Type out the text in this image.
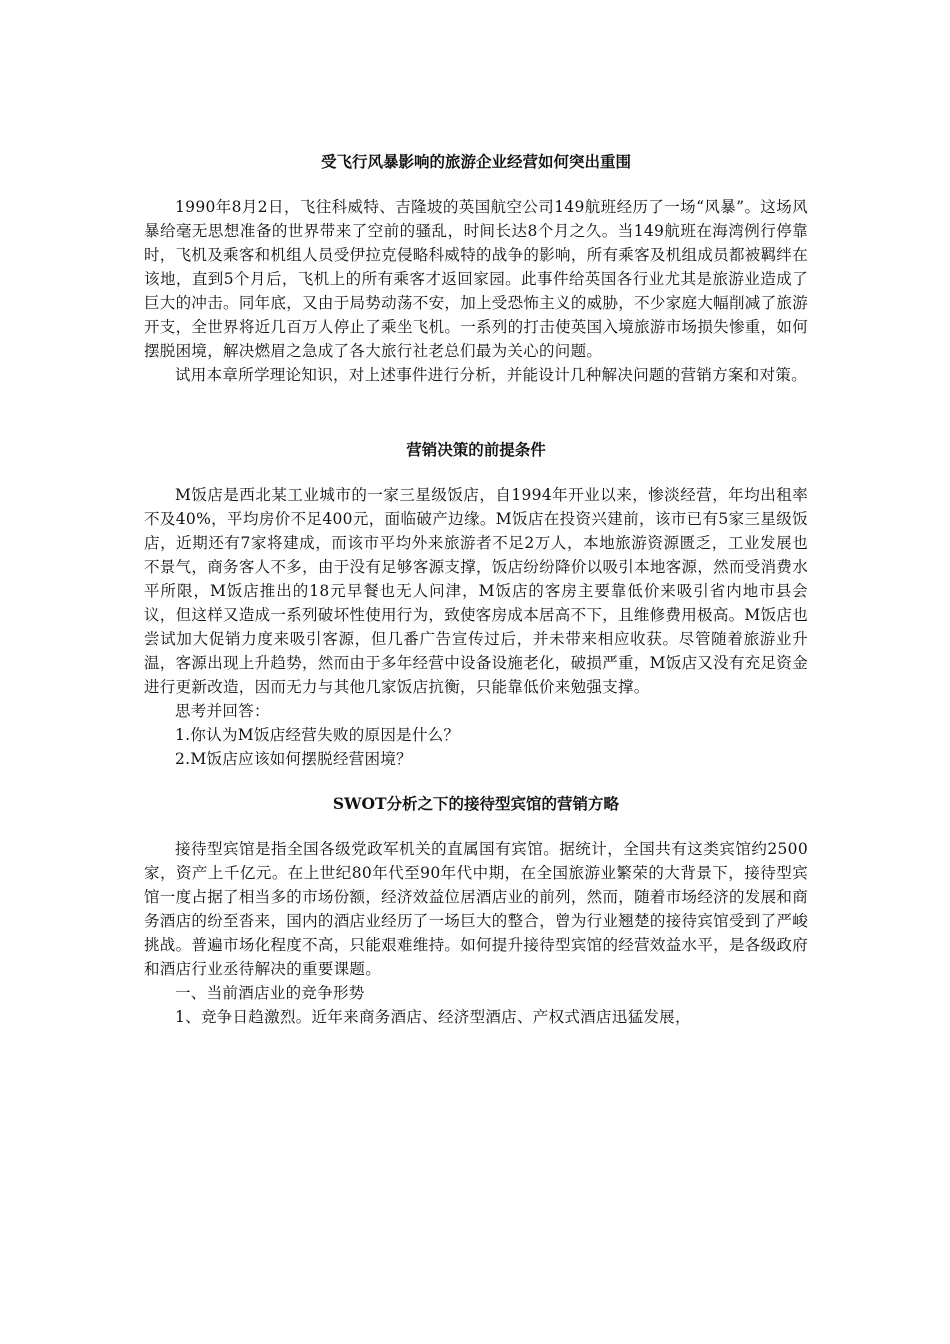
受飞行风暴影响的旅游企业经营如何突出重围

1990年8月2日，飞往科威特、吉隆坡的英国航空公司149航班经历了一场“风暴”。这场风暴给毫无思想准备的世界带来了空前的骚乱，时间长达8个月之久。当149航班在海湾例行停靠时，飞机及乘客和机组人员受伊拉克侵略科威特的战争的影响，所有乘客及机组成员都被羁绊在该地，直到5个月后，飞机上的所有乘客才返回家园。此事件给英国各行业尤其是旅游业造成了巨大的冲击。同年底，又由于局势动荡不安，加上受恐怖主义的威胁，不少家庭大幅削减了旅游开支，全世界将近几百万人停止了乘坐飞机。一系列的打击使英国入境旅游市场损失惨重，如何摆脱困境，解决燃眉之急成了各大旅行社老总们最为关心的问题。

试用本章所学理论知识，对上述事件进行分析，并能设计几种解决问题的营销方案和对策。

营销决策的前提条件

M饭店是西北某工业城市的一家三星级饭店，自1994年开业以来，惨淡经营，年均出租率不及40%，平均房价不足400元，面临破产边缘。M饭店在投资兴建前，该市已有5家三星级饭店，近期还有7家将建成，而该市平均外来旅游者不足2万人，本地旅游资源匮乏，工业发展也不景气，商务客人不多，由于没有足够客源支撑，饭店纷纷降价以吸引本地客源，然而受消费水平所限，M饭店推出的18元早餐也无人问津，M饭店的客房主要靠低价来吸引省内地市县会议，但这样又造成一系列破坏性使用行为，致使客房成本居高不下，且维修费用极高。M饭店也尝试加大促销力度来吸引客源，但几番广告宣传过后，并未带来相应收获。尽管随着旅游业升温，客源出现上升趋势，然而由于多年经营中设备设施老化，破损严重，M饭店又没有充足资金进行更新改造，因而无力与其他几家饭店抗衡，只能靠低价来勉强支撑。

思考并回答：

1.你认为M饭店经营失败的原因是什么？

2.M饭店应该如何摆脱经营困境？

SWOT分析之下的接待型宾馆的营销方略

接待型宾馆是指全国各级党政军机关的直属国有宾馆。据统计，全国共有这类宾馆约2500家，资产上千亿元。在上世纪80年代至90年代中期，在全国旅游业繁荣的大背景下，接待型宾馆一度占据了相当多的市场份额，经济效益位居酒店业的前列，然而，随着市场经济的发展和商务酒店的纷至沓来，国内的酒店业经历了一场巨大的整合，曾为行业翘楚的接待宾馆受到了严峻挑战。普遍市场化程度不高，只能艰难维持。如何提升接待型宾馆的经营效益水平，是各级政府和酒店行业丞待解决的重要课题。

一、当前酒店业的竞争形势

1、竞争日趋激烈。近年来商务酒店、经济型酒店、产权式酒店迅猛发展，
